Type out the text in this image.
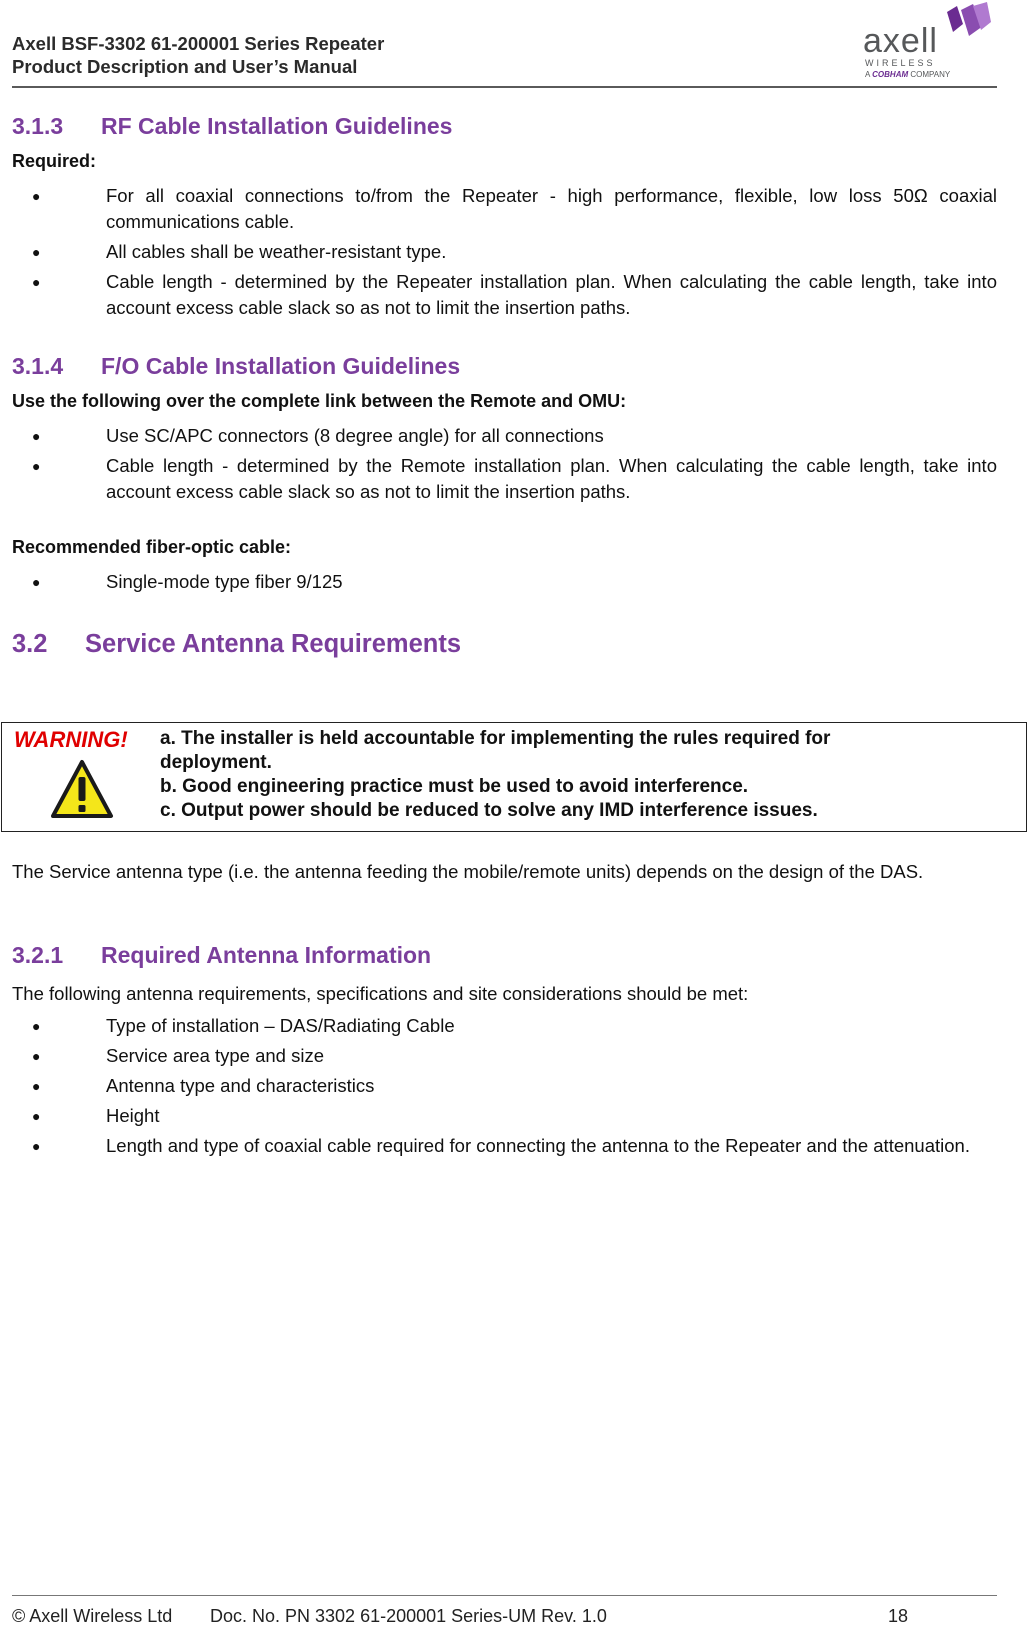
Axell BSF-3302 61-200001 Series Repeater
Product Description and User’s Manual
axell
WIRELESS
A COBHAM COMPANY
3.1.3 RF Cable Installation Guidelines
Required:
●	For all coaxial connections to/from the Repeater - high performance, flexible, low loss 50Ω coaxial communications cable.
●	All cables shall be weather-resistant type.
●	Cable length - determined by the Repeater installation plan. When calculating the cable length, take into account excess cable slack so as not to limit the insertion paths.
3.1.4 F/O Cable Installation Guidelines
Use the following over the complete link between the Remote and OMU:
●	Use SC/APC connectors (8 degree angle) for all connections
●	Cable length - determined by the Remote installation plan. When calculating the cable length, take into account excess cable slack so as not to limit the insertion paths.
Recommended fiber-optic cable:
●	Single-mode type fiber 9/125
3.2 Service Antenna Requirements
WARNING! a. The installer is held accountable for implementing the rules required for
deployment.
b. Good engineering practice must be used to avoid interference.
c. Output power should be reduced to solve any IMD interference issues.
The Service antenna type (i.e. the antenna feeding the mobile/remote units) depends on the design of the DAS.
3.2.1 Required Antenna Information
The following antenna requirements, specifications and site considerations should be met:
●	Type of installation – DAS/Radiating Cable
●	Service area type and size
●	Antenna type and characteristics
●	Height
●	Length and type of coaxial cable required for connecting the antenna to the Repeater and the attenuation.
© Axell Wireless Ltd Doc. No. PN 3302 61-200001 Series-UM Rev. 1.0	18
